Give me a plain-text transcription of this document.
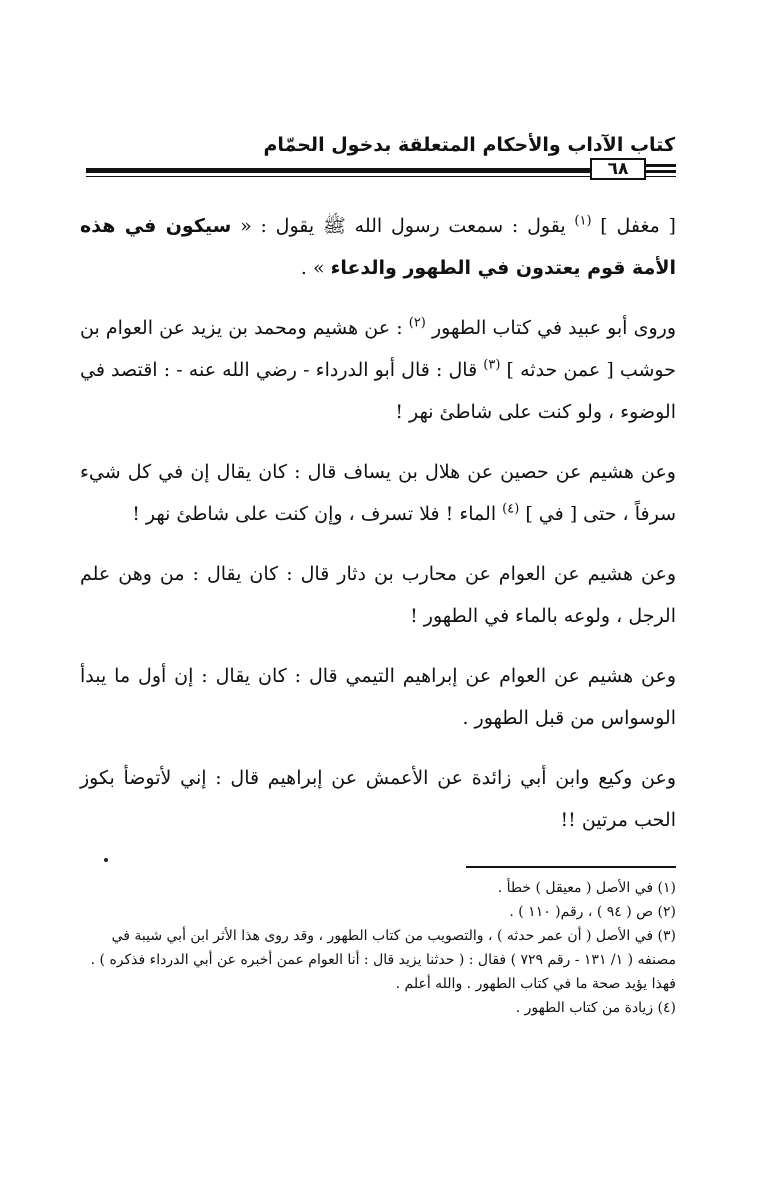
كتاب الآداب والأحكام المتعلقة بدخول الحمّام
٦٨

[ مغفل ] $^{(١)}$ يقول : سمعت رسول الله ﷺ يقول : « سيكون في هذه الأمة قوم يعتدون في الطهور والدعاء » .

وروى أبو عبيد في كتاب الطهور $^{(٢)}$ : عن هشيم ومحمد بن يزيد عن العوام بن حوشب [ عمن حدثه ] $^{(٣)}$ قال : قال أبو الدرداء - رضي الله عنه - : اقتصد في الوضوء ، ولو كنت على شاطئ نهر !

وعن هشيم عن حصين عن هلال بن يساف قال : كان يقال إن في كل شيء سرفاً ، حتى [ في ] $^{(٤)}$ الماء ! فلا تسرف ، وإن كنت على شاطئ نهر !

وعن هشيم عن العوام عن محارب بن دثار قال : كان يقال : من وهن علم الرجل ، ولوعه بالماء في الطهور !

وعن هشيم عن العوام عن إبراهيم التيمي قال : كان يقال : إن أول ما يبدأ الوسواس من قبل الطهور .

وعن وكيع وابن أبي زائدة عن الأعمش عن إبراهيم قال : إني لأتوضأ بكوز الحب مرتين !!

(١) في الأصل ( معيقل ) خطأ .

(٢) ص ( ٩٤ ) ، رقم( ١١٠ ) .

(٣) في الأصل ( أن عمر حدثه ) ، والتصويب من كتاب الطهور ، وقد روى هذا الأثر ابن أبي شيبة في مصنفه ( ١/ ١٣١ - رقم ٧٢٩ ) فقال : ( حدثنا يزيد قال : أنا العوام عمن أخبره عن أبي الدرداء فذكره ) . فهذا يؤيد صحة ما في كتاب الطهور . والله أعلم .

(٤) زيادة من كتاب الطهور .
